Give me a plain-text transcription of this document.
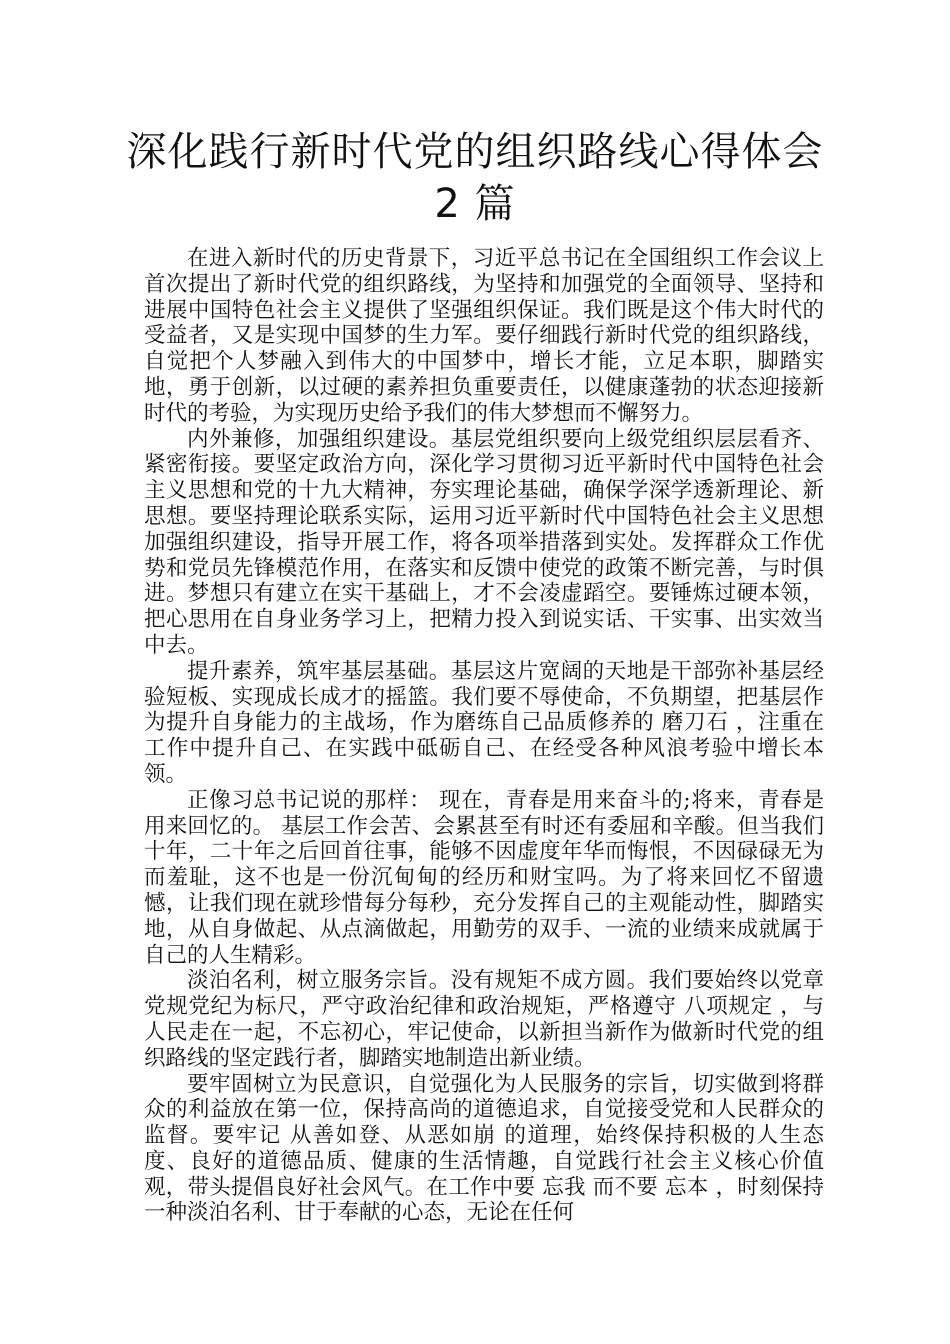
深化践行新时代党的组织路线心得体会
2 篇

在进入新时代的历史背景下，习近平总书记在全国组织工作会议上首次提出了新时代党的组织路线，为坚持和加强党的全面领导、坚持和进展中国特色社会主义提供了坚强组织保证。我们既是这个伟大时代的受益者，又是实现中国梦的生力军。要仔细践行新时代党的组织路线，自觉把个人梦融入到伟大的中国梦中，增长才能，立足本职，脚踏实地，勇于创新，以过硬的素养担负重要责任，以健康蓬勃的状态迎接新时代的考验，为实现历史给予我们的伟大梦想而不懈努力。

内外兼修，加强组织建设。基层党组织要向上级党组织层层看齐、紧密衔接。要坚定政治方向，深化学习贯彻习近平新时代中国特色社会主义思想和党的十九大精神，夯实理论基础，确保学深学透新理论、新思想。要坚持理论联系实际，运用习近平新时代中国特色社会主义思想加强组织建设，指导开展工作，将各项举措落到实处。发挥群众工作优势和党员先锋模范作用，在落实和反馈中使党的政策不断完善，与时俱进。梦想只有建立在实干基础上，才不会凌虚蹈空。要锤炼过硬本领，把心思用在自身业务学习上，把精力投入到说实话、干实事、出实效当中去。

提升素养，筑牢基层基础。基层这片宽阔的天地是干部弥补基层经验短板、实现成长成才的摇篮。我们要不辱使命，不负期望，把基层作为提升自身能力的主战场，作为磨练自己品质修养的 磨刀石 ，注重在工作中提升自己、在实践中砥砺自己、在经受各种风浪考验中增长本领。

正像习总书记说的那样： 现在，青春是用来奋斗的;将来，青春是用来回忆的。 基层工作会苦、会累甚至有时还有委屈和辛酸。但当我们十年，二十年之后回首往事，能够不因虚度年华而悔恨，不因碌碌无为而羞耻，这不也是一份沉甸甸的经历和财宝吗。为了将来回忆不留遗憾，让我们现在就珍惜每分每秒，充分发挥自己的主观能动性，脚踏实地，从自身做起、从点滴做起，用勤劳的双手、一流的业绩来成就属于自己的人生精彩。

淡泊名利，树立服务宗旨。没有规矩不成方圆。我们要始终以党章党规党纪为标尺，严守政治纪律和政治规矩，严格遵守 八项规定 ，与人民走在一起，不忘初心，牢记使命，以新担当新作为做新时代党的组织路线的坚定践行者，脚踏实地制造出新业绩。

要牢固树立为民意识，自觉强化为人民服务的宗旨，切实做到将群众的利益放在第一位，保持高尚的道德追求，自觉接受党和人民群众的监督。要牢记 从善如登、从恶如崩 的道理，始终保持积极的人生态度、良好的道德品质、健康的生活情趣，自觉践行社会主义核心价值观，带头提倡良好社会风气。在工作中要 忘我 而不要 忘本 ，时刻保持一种淡泊名利、甘于奉献的心态，无论在任何
